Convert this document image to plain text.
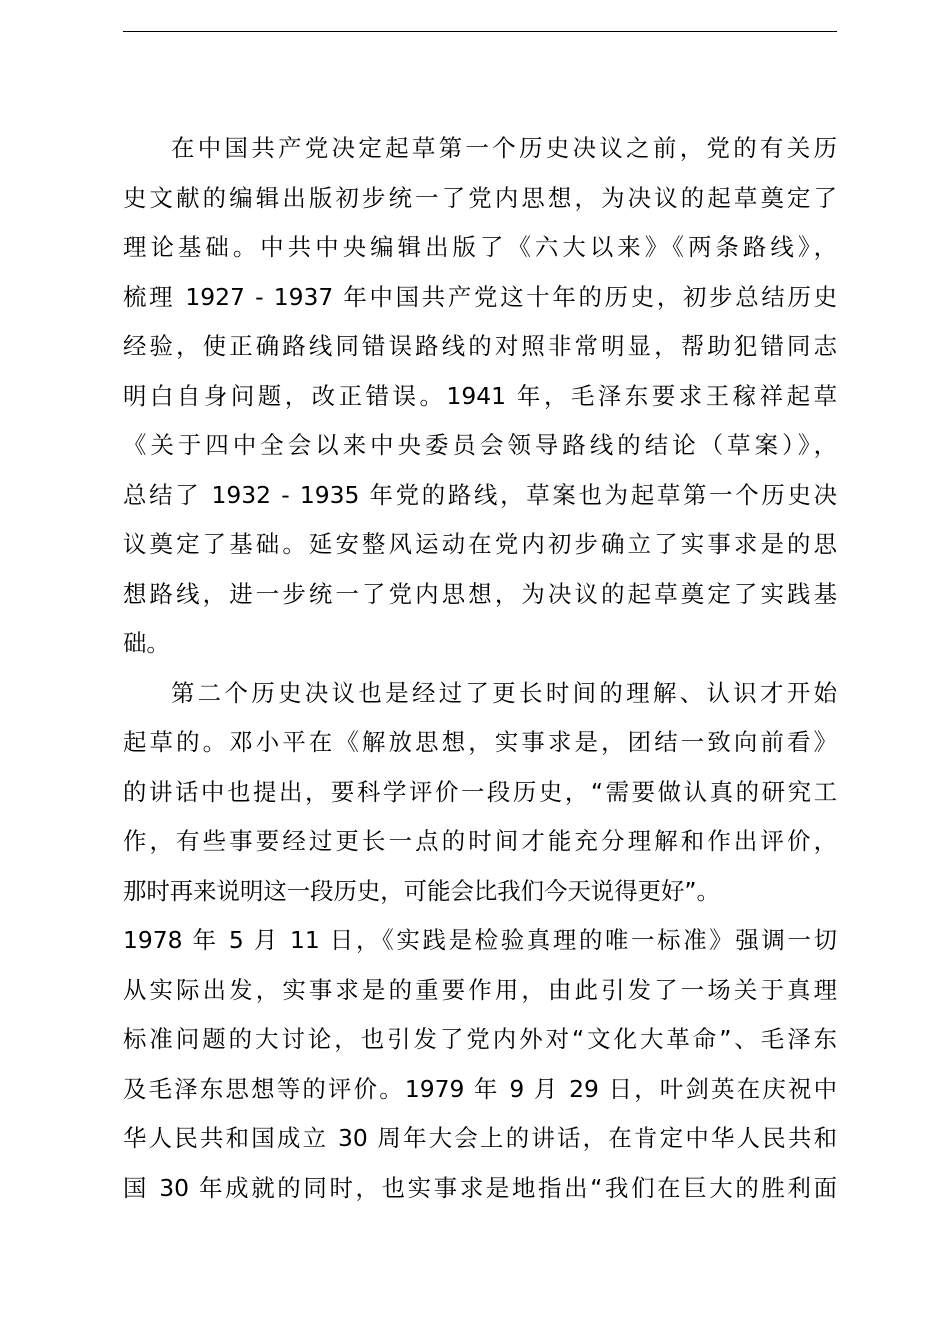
在中国共产党决定起草第一个历史决议之前，党的有关历
史文献的编辑出版初步统一了党内思想，为决议的起草奠定了
理论基础。中共中央编辑出版了《六大以来》《两条路线》，
梳理 1927 - 1937 年中国共产党这十年的历史，初步总结历史
经验，使正确路线同错误路线的对照非常明显，帮助犯错同志
明白自身问题，改正错误。1941 年，毛泽东要求王稼祥起草
《关于四中全会以来中央委员会领导路线的结论（草案）》，
总结了 1932 - 1935 年党的路线，草案也为起草第一个历史决
议奠定了基础。延安整风运动在党内初步确立了实事求是的思
想路线，进一步统一了党内思想，为决议的起草奠定了实践基
础。

第二个历史决议也是经过了更长时间的理解、认识才开始
起草的。邓小平在《解放思想，实事求是，团结一致向前看》
的讲话中也提出，要科学评价一段历史，“需要做认真的研究工
作，有些事要经过更长一点的时间才能充分理解和作出评价，
那时再来说明这一段历史，可能会比我们今天说得更好”。
1978 年 5 月 11 日，《实践是检验真理的唯一标准》强调一切
从实际出发，实事求是的重要作用，由此引发了一场关于真理
标准问题的大讨论，也引发了党内外对“文化大革命”、毛泽东
及毛泽东思想等的评价。1979 年 9 月 29 日，叶剑英在庆祝中
华人民共和国成立 30 周年大会上的讲话，在肯定中华人民共和
国 30 年成就的同时，也实事求是地指出“我们在巨大的胜利面
